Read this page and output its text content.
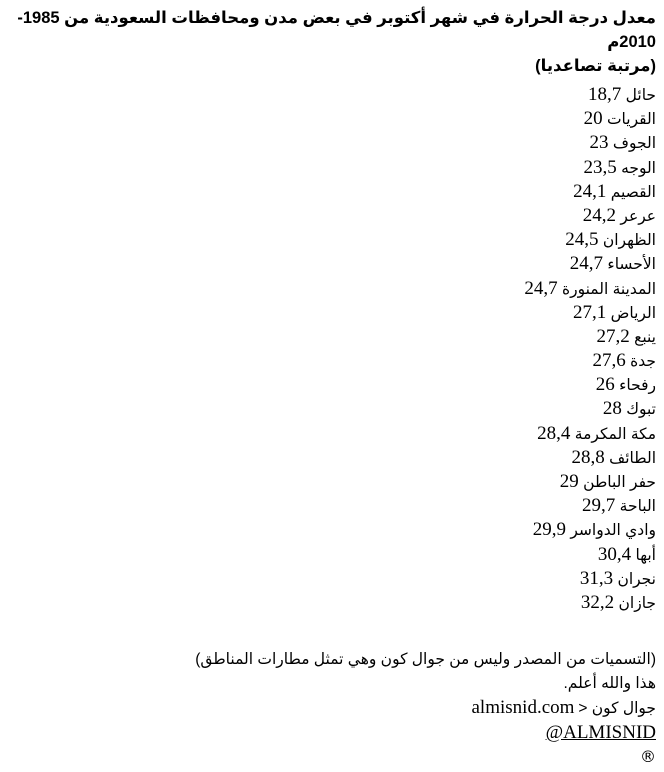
معدل درجة الحرارة في شهر أكتوبر في بعض مدن ومحافظات السعودية من 1985-2010م
(مرتبة تصاعديا)
حائل 18,7
القريات 20
الجوف 23
الوجه 23,5
القصيم 24,1
عرعر 24,2
الظهران 24,5
الأحساء 24,7
المدينة المنورة 24,7
الرياض 27,1
ينبع 27,2
جدة 27,6
رفحاء 26
تبوك 28
مكة المكرمة 28,4
الطائف 28,8
حفر الباطن 29
الباحة 29,7
وادي الدواسر 29,9
أبها 30,4
نجران 31,3
جازان 32,2
(التسميات من المصدر وليس من جوال كون وهي تمثل مطارات المناطق)
هذا والله أعلم.
جوال كون < almisnid.com
@ALMISNID
®
